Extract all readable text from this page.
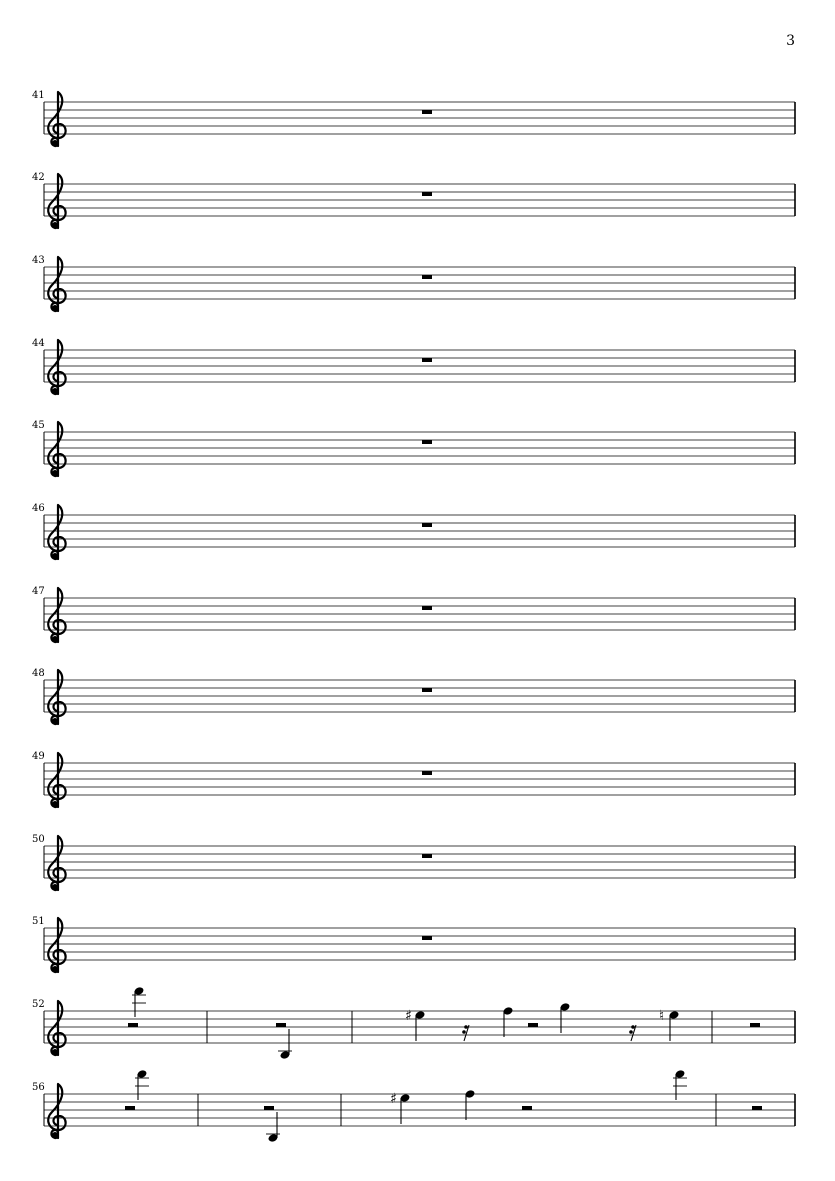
3
41
42
43
44
45
46
47
48
49
50
51
52
♯	♮
56
♯
